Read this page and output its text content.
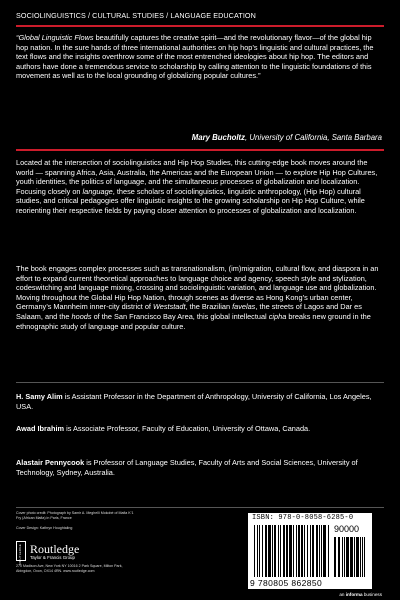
SOCIOLINGUISTICS / CULTURAL STUDIES / LANGUAGE EDUCATION

“Global Linguistic Flows beautifully captures the creative spirit—and the revolutionary flavor—of the global hip hop nation. In the sure hands of three international authorities on hip hop’s linguistic and cultural practices, the text flows and the insights overthrow some of the most entrenched ideologies about hip hop. The editors and authors have done a tremendous service to scholarship by calling attention to the linguistic foundations of this movement as well as to the local grounding of globalizing popular cultures.”

Mary Bucholtz, University of California, Santa Barbara

Located at the intersection of sociolinguistics and Hip Hop Studies, this cutting-edge book moves around the world — spanning Africa, Asia, Australia, the Americas and the European Union — to explore Hip Hop Cultures, youth identities, the politics of language, and the simultaneous processes of globalization and localization. Focusing closely on language, these scholars of sociolinguistics, linguistic anthropology, (Hip Hop) cultural studies, and critical pedagogies offer linguistic insights to the growing scholarship on Hip Hop Culture, while reorienting their respective fields by paying closer attention to processes of globalization and localization.

The book engages complex processes such as transnationalism, (im)migration, cultural flow, and diaspora in an effort to expand current theoretical approaches to language choice and agency, speech style and stylization, codeswitching and language mixing, crossing and sociolinguistic variation, and language use and globalization. Moving throughout the Global Hip Hop Nation, through scenes as diverse as Hong Kong’s urban center, Germany’s Mannheim inner-city district of Weststadt, the Brazilian favelas, the streets of Lagos and Dar es Salaam, and the hoods of the San Francisco Bay Area, this global intellectual cipha breaks new ground in the ethnographic study of language and popular culture.

H. Samy Alim is Assistant Professor in the Department of Anthropology, University of California, Los Angeles, USA.
Awad Ibrahim is Associate Professor, Faculty of Education, University of Ottawa, Canada.
Alastair Pennycook is Professor of Language Studies, Faculty of Arts and Social Sciences, University of Technology, Sydney, Australia.
Cover photo credit: Photograph by Samir A. Meghelli Mokobé of Mafia K’1 Fry (African Mafia) in Paris, France
Cover Design: Kathryn Houghtaling
ROUTLEDGE Routledge
Taylor & Francis Group
270 Madison Ave, New York NY 10016 2 Park Square, Milton Park, Abingdon, Oxon, OX14 4RN. www.routledge.com
ISBN: 978-0-8058-6285-0
90000
9 780805 862850
an informa business
